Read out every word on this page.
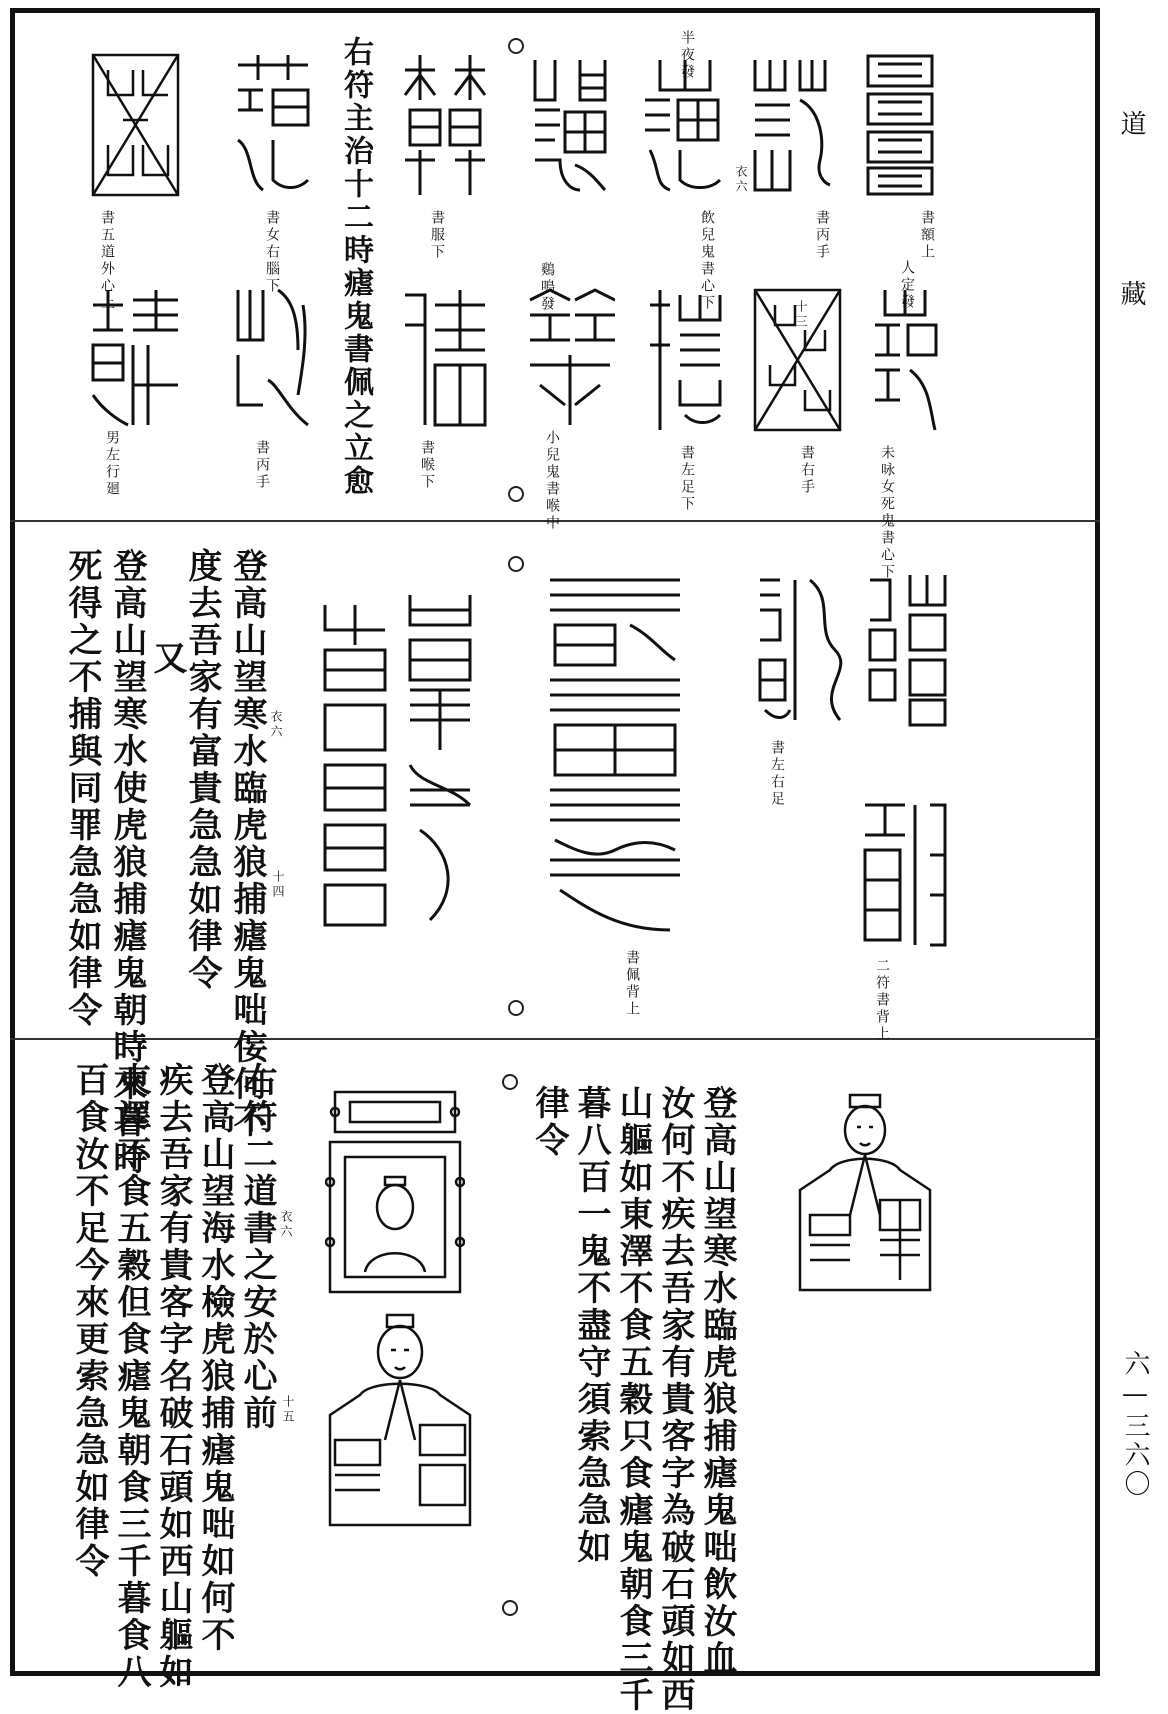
道
藏
六—三六〇
右符主治十二時瘧鬼書佩之立愈	書額上
書丙手
書丙手
飲兒鬼書心下
書右手
人定發
半夜發
鷄鳴發
書服下
書女右腦下
書五道外心上
男左行廻	書喉下	未咏女死鬼書心下
書左足下
小兒鬼書喉中
衣六
十三
登高山望寒水臨虎狼捕瘧鬼咄侫何不
度去吾家有富貴急急如律令
又
登高山望寒水使虎狼捕瘧鬼朝時來暮時
死得之不捕與同罪急急如律令	書佩背上
書左右足
二符書背上
衣六
十四
登高山望寒水臨虎狼捕瘧鬼咄飲汝血
汝何不疾去吾家有貴客字為破石頭如西
山軀如東澤不食五穀只食瘧鬼朝食三千
暮八百一鬼不盡守須索急急如
律令
右符二道書之安於心前
登高山望海水檢虎狼捕瘧鬼咄如何不
疾去吾家有貴客字名破石頭如西山軀如
東澤不食五穀但食瘧鬼朝食三千暮食八
百食汝不足今來更索急急如律令	衣六
十五
